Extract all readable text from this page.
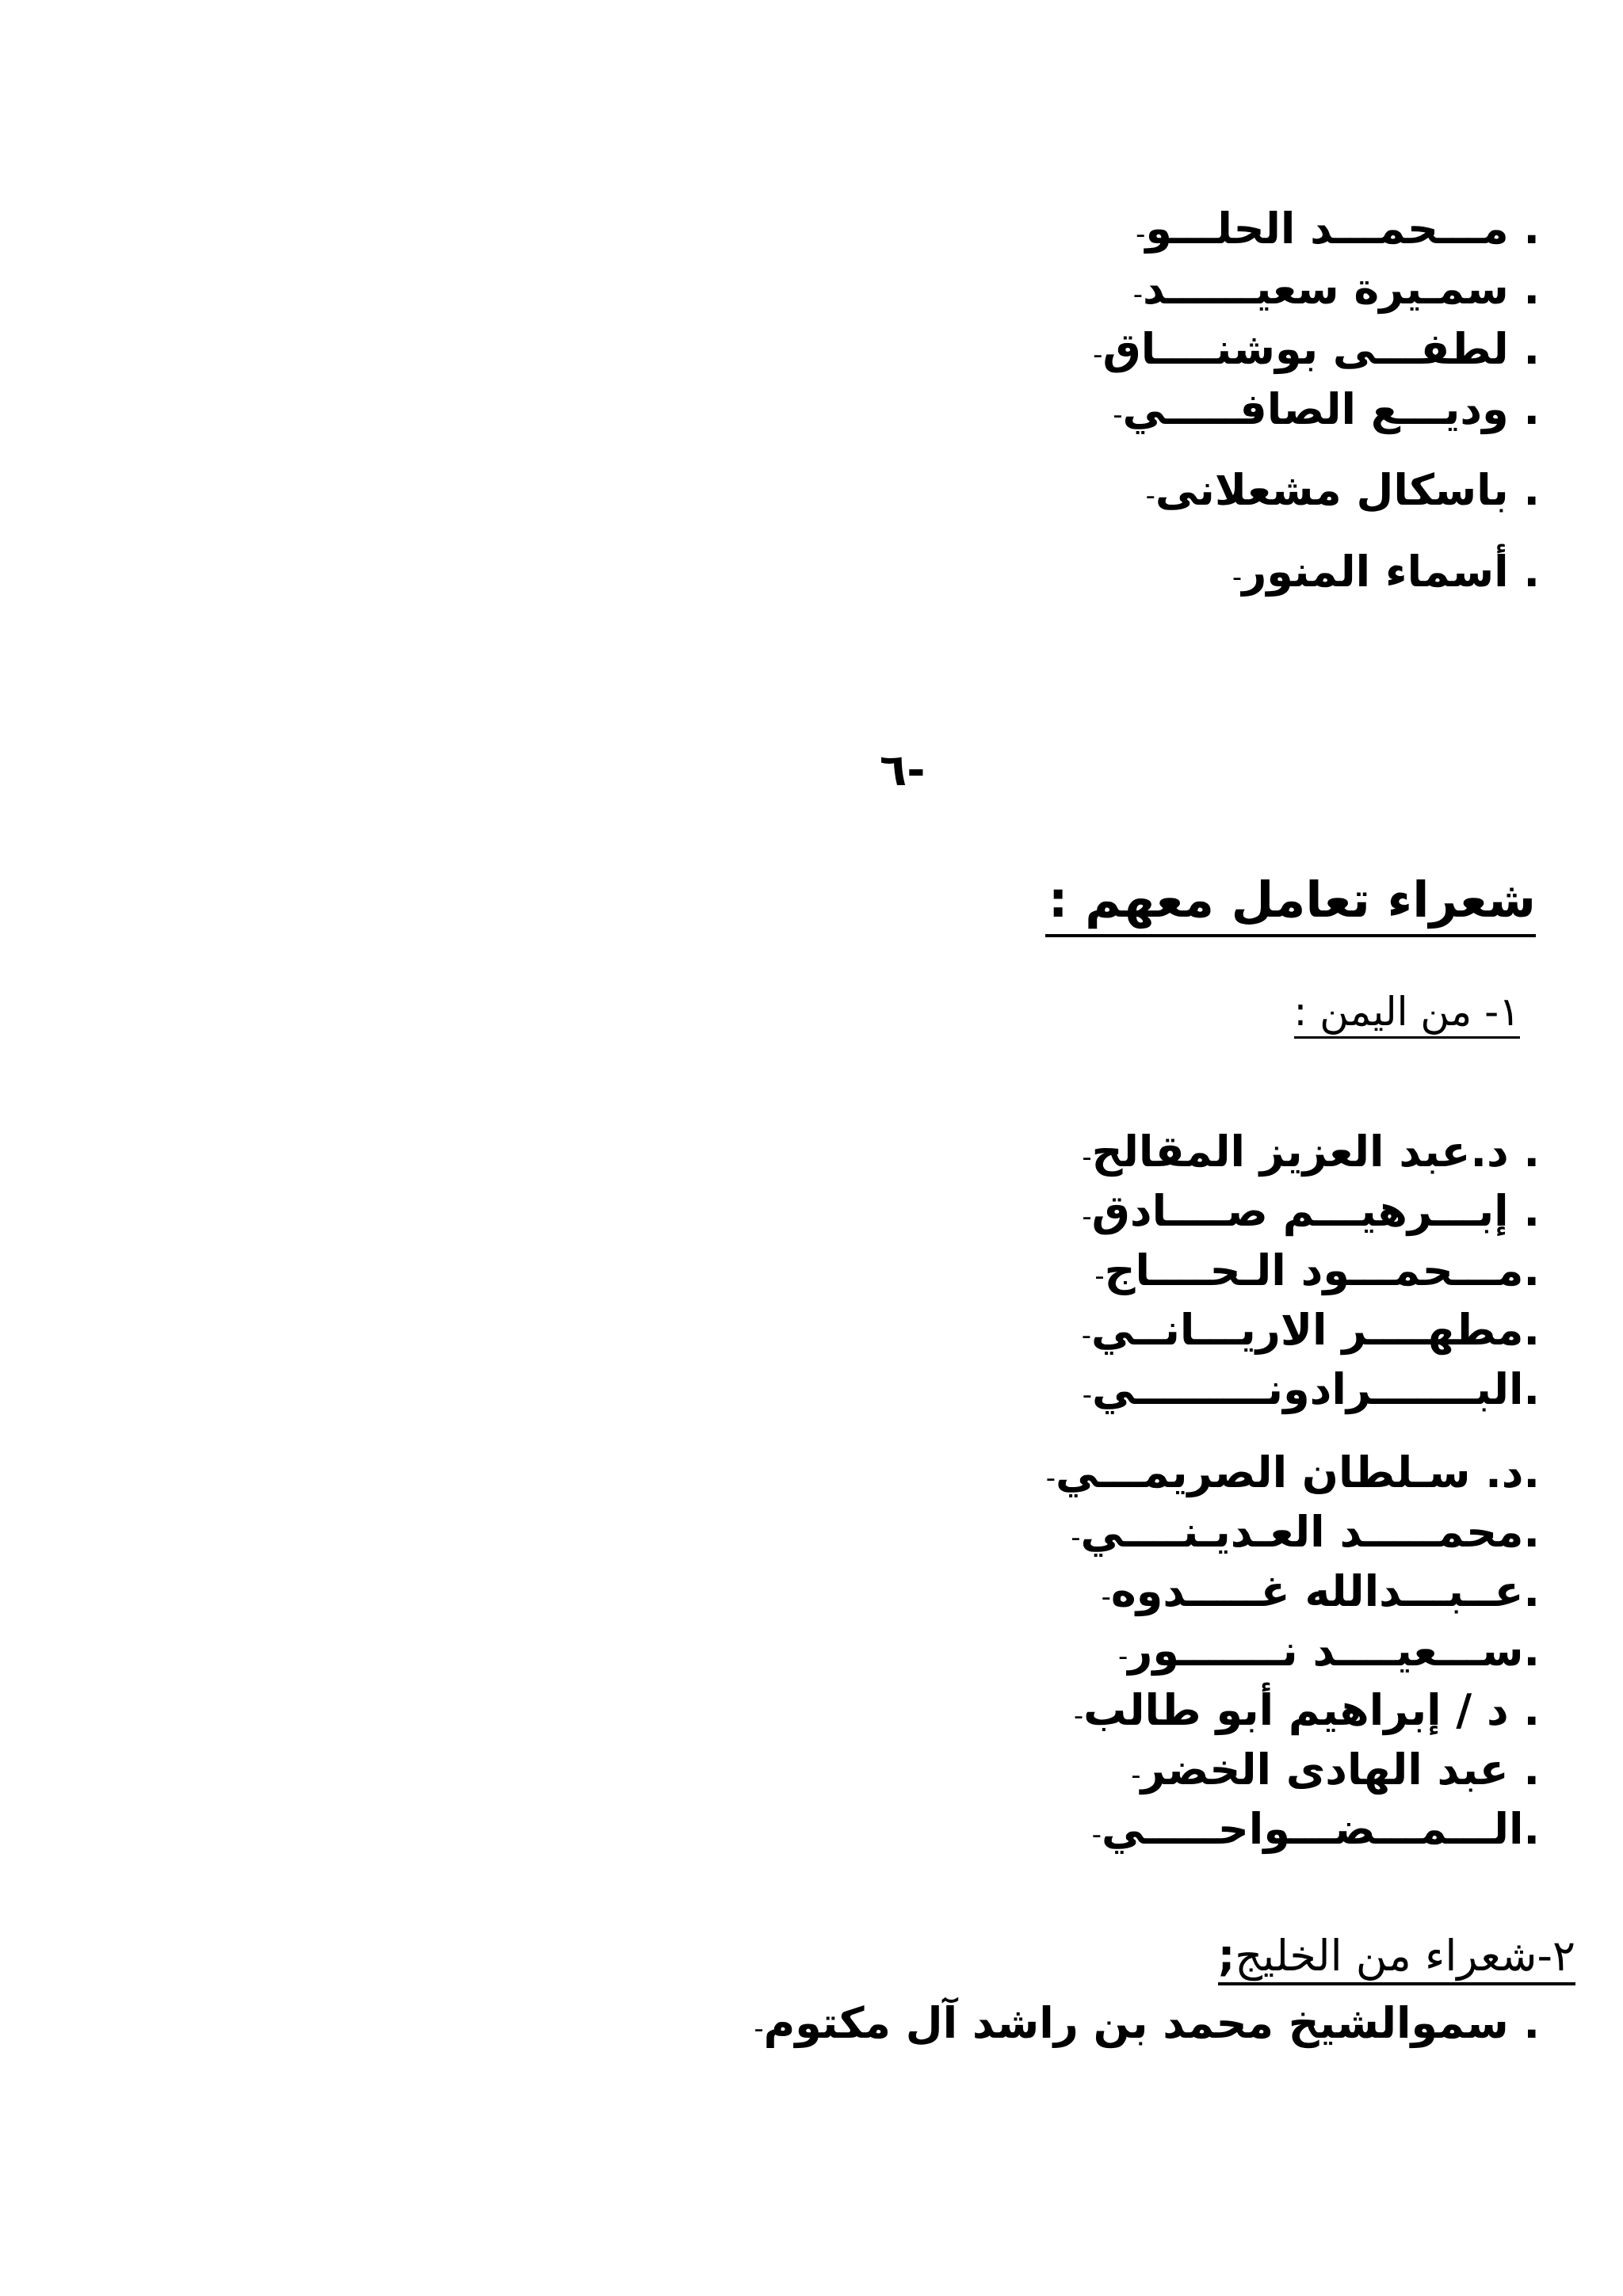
-مـــحمـــد الحلـــو .
-سمـيرة سعيــــــد .
-لطفـــى بوشنــــاق .
-وديـــع الصافـــــي .
-باسكال مشعلانى .
-أسماء المنور .
-٦
شعراء تعامل معهم :
١- من اليمن :
-د.عبد العزيز المقالح .
-إبـــرهيـــم صــــادق .
-مـــحمـــود الـحــــاج.
-مطهــــر الاريـــانــي.
-البـــــــرادونـــــــــي.
-د. سـلطان الصريمـــي.
-محمـــــد العـديـنــــي.
-عــبـــدالله غـــــدوه.
-ســـعيــــد نـــــــور.
-د / إبراهيم أبو طالب .
-عبد الهادى الخضر .
-الـــمـــضـــواحـــــي.
٢-شعراء من الخليج;
-سموالشيخ محمد بن راشد آل مكتوم .
